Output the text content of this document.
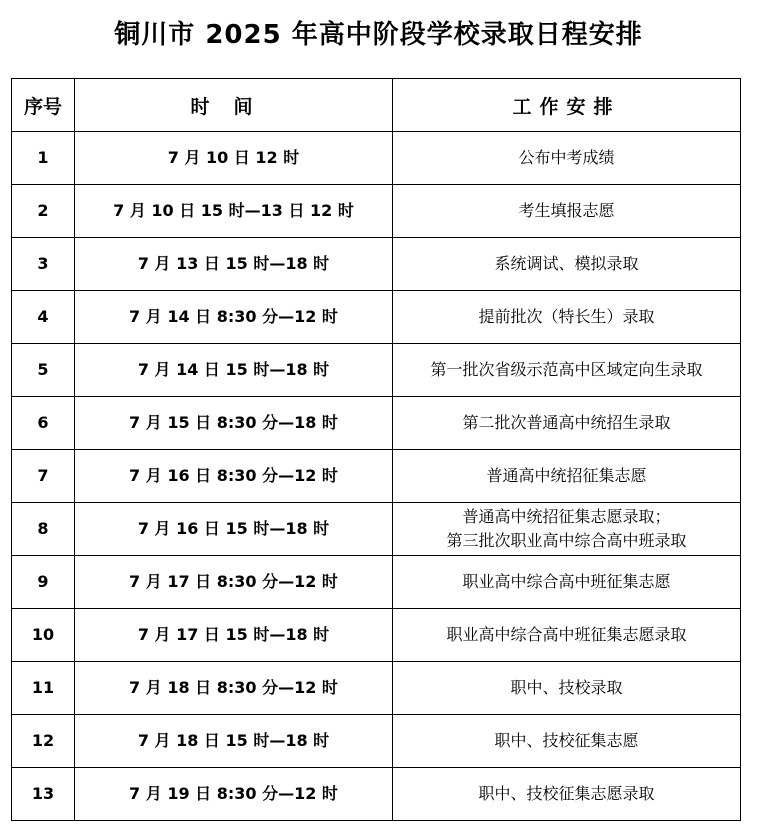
铜川市 2025 年高中阶段学校录取日程安排
序号	时间	工作安排
1	7 月 10 日 12 时	公布中考成绩

2	7 月 10 日 15 时—13 日 12 时	考生填报志愿

3	7 月 13 日 15 时—18 时	系统调试、模拟录取

4	7 月 14 日 8:30 分—12 时	提前批次（特长生）录取

5	7 月 14 日 15 时—18 时	第一批次省级示范高中区域定向生录取

6	7 月 15 日 8:30 分—18 时	第二批次普通高中统招生录取

7	7 月 16 日 8:30 分—12 时	普通高中统招征集志愿

8	7 月 16 日 15 时—18 时	普通高中统招征集志愿录取；
第三批次职业高中综合高中班录取

9	7 月 17 日 8:30 分—12 时	职业高中综合高中班征集志愿

10	7 月 17 日 15 时—18 时	职业高中综合高中班征集志愿录取

11	7 月 18 日 8:30 分—12 时	职中、技校录取

12	7 月 18 日 15 时—18 时	职中、技校征集志愿

13	7 月 19 日 8:30 分—12 时	职中、技校征集志愿录取
